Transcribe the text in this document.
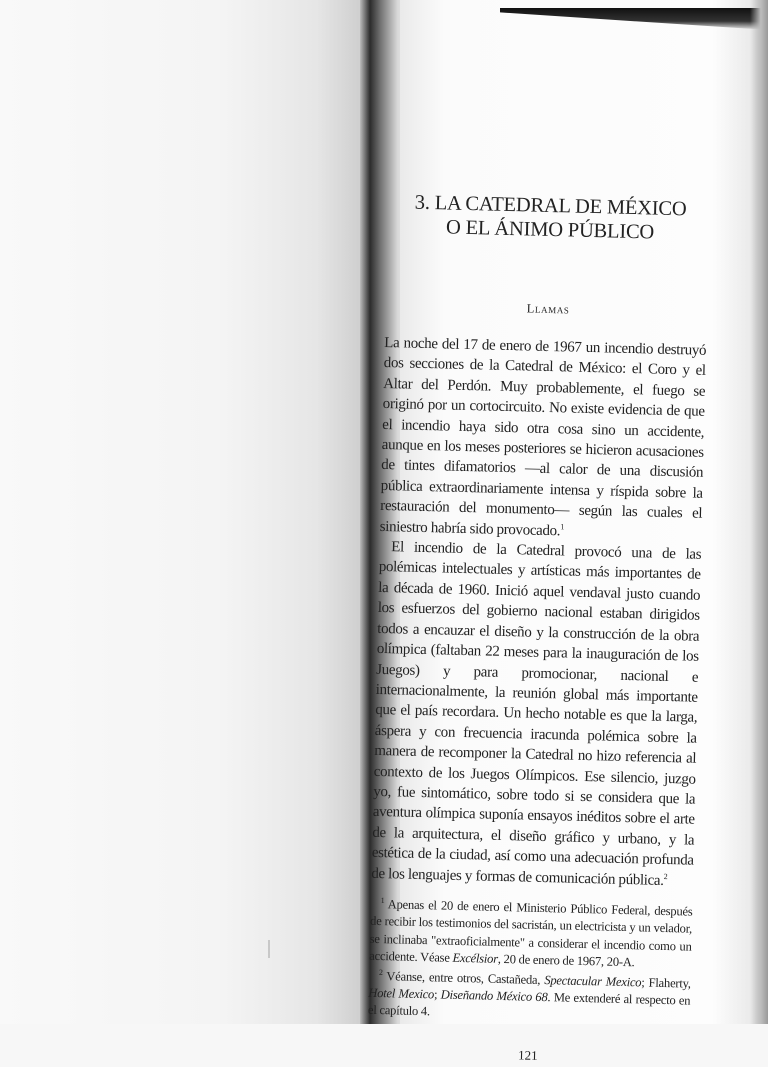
3. LA CATEDRAL DE MÉXICO
O EL ÁNIMO PÚBLICO
Llamas

La noche del 17 de enero de 1967 un incendio destruyó dos secciones de la Catedral de México: el Coro y el Altar del Perdón. Muy probablemente, el fuego se originó por un cortocircuito. No existe evidencia de que el incendio haya sido otra cosa sino un accidente, aunque en los meses posteriores se hicieron acusaciones de tintes difamatorios —al calor de una discusión pública extraordinariamente intensa y ríspida sobre la restauración del monumento— según las cuales el siniestro habría sido provocado.$^1$

El incendio de la Catedral provocó una de las polémicas intelectuales y artísticas más importantes de la década de 1960. Inició aquel vendaval justo cuando los esfuerzos del gobierno nacional estaban dirigidos todos a encauzar el diseño y la construcción de la obra olímpica (faltaban 22 meses para la inauguración de los Juegos) y para promocionar, nacional e internacionalmente, la reunión global más importante que el país recordara. Un hecho notable es que la larga, áspera y con frecuencia iracunda polémica sobre la manera de recomponer la Catedral no hizo referencia al contexto de los Juegos Olímpicos. Ese silencio, juzgo yo, fue sintomático, sobre todo si se considera que la aventura olímpica suponía ensayos inéditos sobre el arte de la arquitectura, el diseño gráfico y urbano, y la estética de la ciudad, así como una adecuación profunda de los lenguajes y formas de comunicación pública.$^2$

$^1$ Apenas el 20 de enero el Ministerio Público Federal, después de recibir los testimonios del sacristán, un electricista y un velador, se inclinaba "extraoficialmente" a considerar el incendio como un accidente. Véase Excélsior, 20 de enero de 1967, 20-A.

$^2$ Véanse, entre otros, Castañeda, Spectacular Mexico; Flaherty, Hotel Mexico; Diseñando México 68. Me extenderé al respecto en el capítulo 4.

121
